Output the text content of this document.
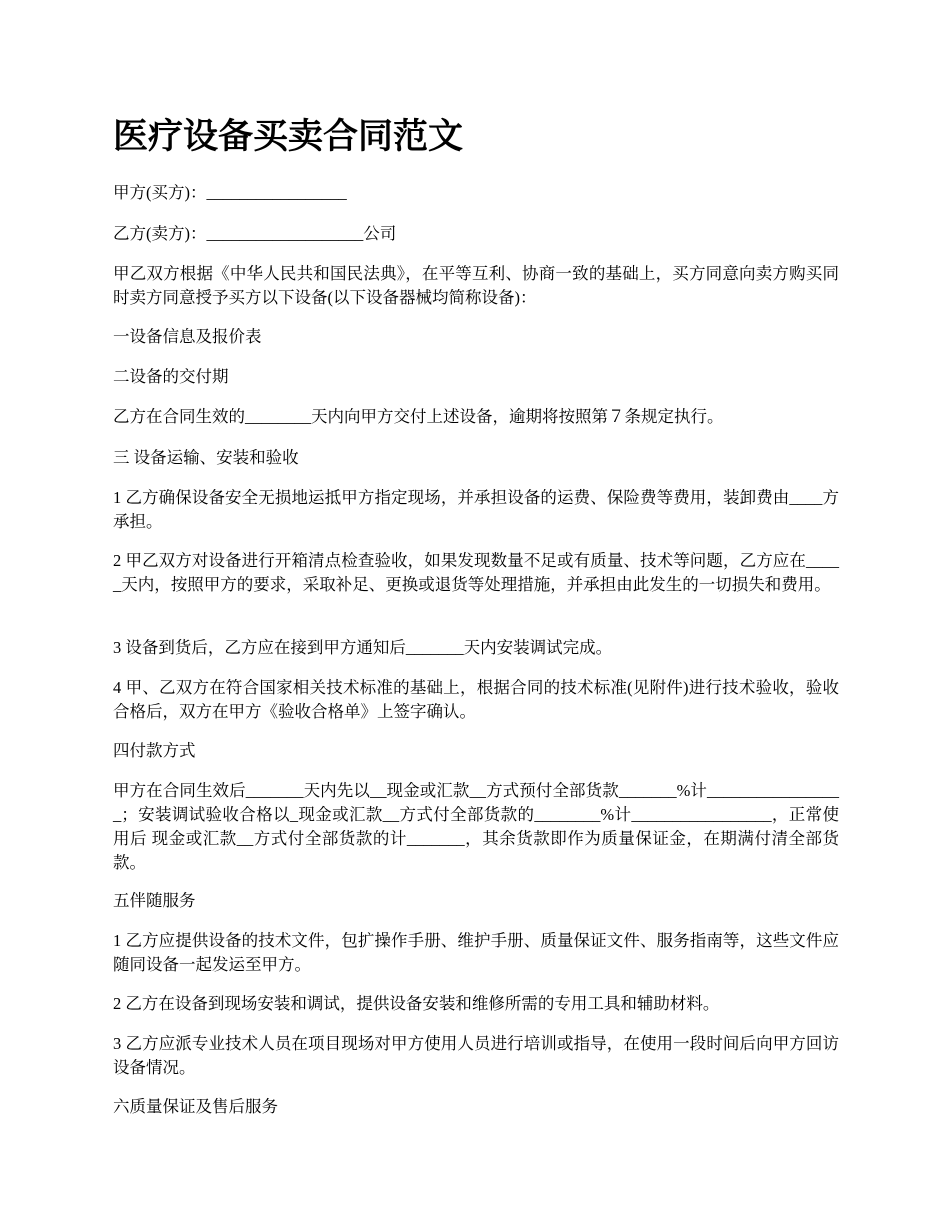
医疗设备买卖合同范文

甲方(买方)：_________________

乙方(卖方)：___________________公司

甲乙双方根据《中华人民共和国民法典》，在平等互利、协商一致的基础上，买方同意向卖方购买同时卖方同意授予买方以下设备(以下设备器械均简称设备)：

一设备信息及报价表

二设备的交付期

乙方在合同生效的________天内向甲方交付上述设备，逾期将按照第７条规定执行。

三 设备运输、安装和验收

1 乙方确保设备安全无损地运抵甲方指定现场，并承担设备的运费、保险费等费用，装卸费由____方承担。

2 甲乙双方对设备进行开箱清点检查验收，如果发现数量不足或有质量、技术等问题，乙方应在_____天内，按照甲方的要求，采取补足、更换或退货等处理措施，并承担由此发生的一切损失和费用。

3 设备到货后，乙方应在接到甲方通知后_______天内安装调试完成。

4 甲、乙双方在符合国家相关技术标准的基础上，根据合同的技术标准(见附件)进行技术验收，验收合格后，双方在甲方《验收合格单》上签字确认。

四付款方式

甲方在合同生效后_______天内先以__现金或汇款__方式预付全部货款_______%计_________________；安装调试验收合格以_现金或汇款__方式付全部货款的________%计_________________，正常使用后 现金或汇款__方式付全部货款的计_______，其余货款即作为质量保证金，在期满付清全部货款。

五伴随服务

1 乙方应提供设备的技术文件，包扩操作手册、维护手册、质量保证文件、服务指南等，这些文件应随同设备一起发运至甲方。

2 乙方在设备到现场安装和调试，提供设备安装和维修所需的专用工具和辅助材料。

3 乙方应派专业技术人员在项目现场对甲方使用人员进行培训或指导，在使用一段时间后向甲方回访设备情况。

六质量保证及售后服务
